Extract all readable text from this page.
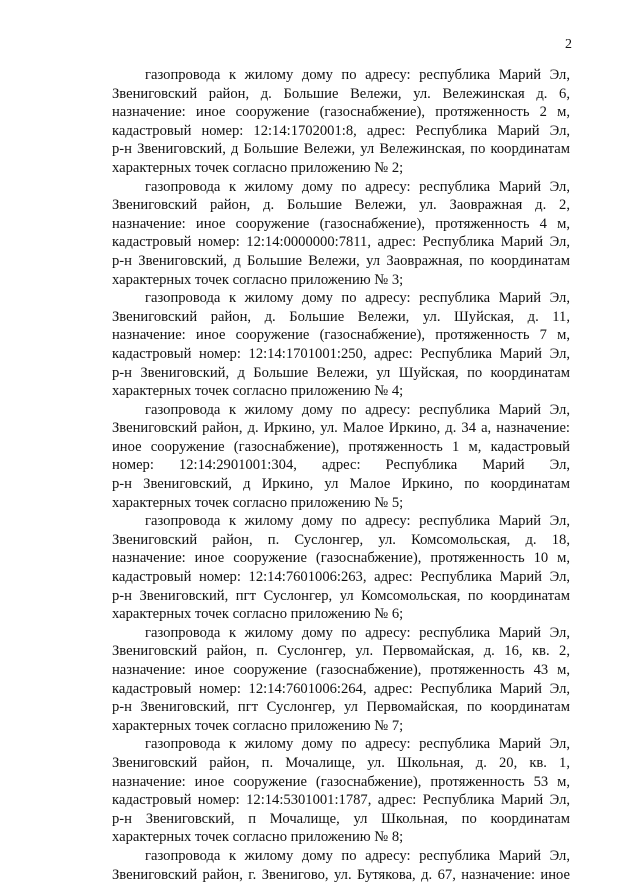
2

газопровода к жилому дому по адресу: республика Марий Эл,
Звениговский район, д. Большие Вележи, ул. Вележинская д. 6,
назначение: иное сооружение (газоснабжение), протяженность 2 м,
кадастровый номер: 12:14:1702001:8, адрес: Республика Марий Эл,
р-н Звениговский, д Большие Вележи, ул Вележинская, по координатам
характерных точек согласно приложению № 2;

газопровода к жилому дому по адресу: республика Марий Эл,
Звениговский район, д. Большие Вележи, ул. Заовражная д. 2,
назначение: иное сооружение (газоснабжение), протяженность 4 м,
кадастровый номер: 12:14:0000000:7811, адрес: Республика Марий Эл,
р-н Звениговский, д Большие Вележи, ул Заовражная, по координатам
характерных точек согласно приложению № 3;

газопровода к жилому дому по адресу: республика Марий Эл,
Звениговский район, д. Большие Вележи, ул. Шуйская, д. 11,
назначение: иное сооружение (газоснабжение), протяженность 7 м,
кадастровый номер: 12:14:1701001:250, адрес: Республика Марий Эл,
р-н Звениговский, д Большие Вележи, ул Шуйская, по координатам
характерных точек согласно приложению № 4;

газопровода к жилому дому по адресу: республика Марий Эл,
Звениговский район, д. Иркино, ул. Малое Иркино, д. 34 а, назначение:
иное сооружение (газоснабжение), протяженность 1 м, кадастровый
номер: 12:14:2901001:304, адрес: Республика Марий Эл,
р-н Звениговский, д Иркино, ул Малое Иркино, по координатам
характерных точек согласно приложению № 5;

газопровода к жилому дому по адресу: республика Марий Эл,
Звениговский район, п. Суслонгер, ул. Комсомольская, д. 18,
назначение: иное сооружение (газоснабжение), протяженность 10 м,
кадастровый номер: 12:14:7601006:263, адрес: Республика Марий Эл,
р-н Звениговский, пгт Суслонгер, ул Комсомольская, по координатам
характерных точек согласно приложению № 6;

газопровода к жилому дому по адресу: республика Марий Эл,
Звениговский район, п. Суслонгер, ул. Первомайская, д. 16, кв. 2,
назначение: иное сооружение (газоснабжение), протяженность 43 м,
кадастровый номер: 12:14:7601006:264, адрес: Республика Марий Эл,
р-н Звениговский, пгт Суслонгер, ул Первомайская, по координатам
характерных точек согласно приложению № 7;

газопровода к жилому дому по адресу: республика Марий Эл,
Звениговский район, п. Мочалище, ул. Школьная, д. 20, кв. 1,
назначение: иное сооружение (газоснабжение), протяженность 53 м,
кадастровый номер: 12:14:5301001:1787, адрес: Республика Марий Эл,
р-н Звениговский, п Мочалище, ул Школьная, по координатам
характерных точек согласно приложению № 8;

газопровода к жилому дому по адресу: республика Марий Эл,
Звениговский район, г. Звенигово, ул. Бутякова, д. 67, назначение: иное
